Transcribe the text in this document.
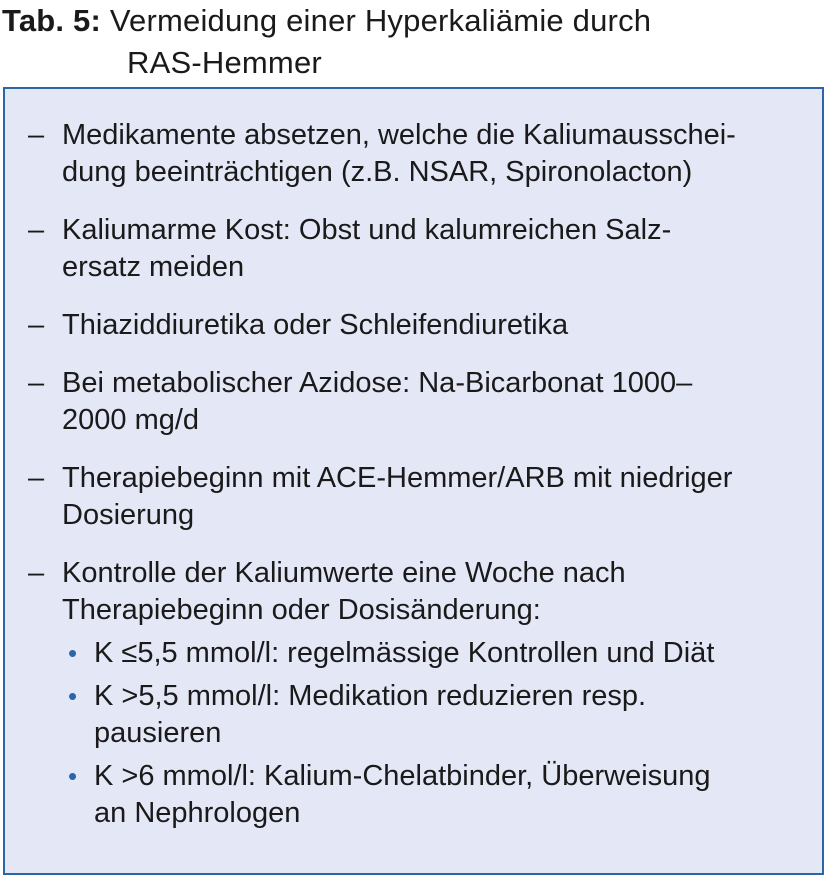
Tab. 5: Vermeidung einer Hyperkaliämie durch
RAS-Hemmer
– Medikamente absetzen, welche die Kaliumausschei-
dung beeinträchtigen (z.B. NSAR, Spironolacton)
– Kaliumarme Kost: Obst und kalumreichen Salz-
ersatz meiden
– Thiaziddiuretika oder Schleifendiuretika
– Bei metabolischer Azidose: Na-Bicarbonat 1000–
2000 mg/d
– Therapiebeginn mit ACE-Hemmer/ARB mit niedriger
Dosierung
– Kontrolle der Kaliumwerte eine Woche nach
Therapiebeginn oder Dosisänderung:
• K ≤5,5 mmol/l: regelmässige Kontrollen und Diät
• K >5,5 mmol/l: Medikation reduzieren resp.
pausieren
• K >6 mmol/l: Kalium-Chelatbinder, Überweisung
an Nephrologen
